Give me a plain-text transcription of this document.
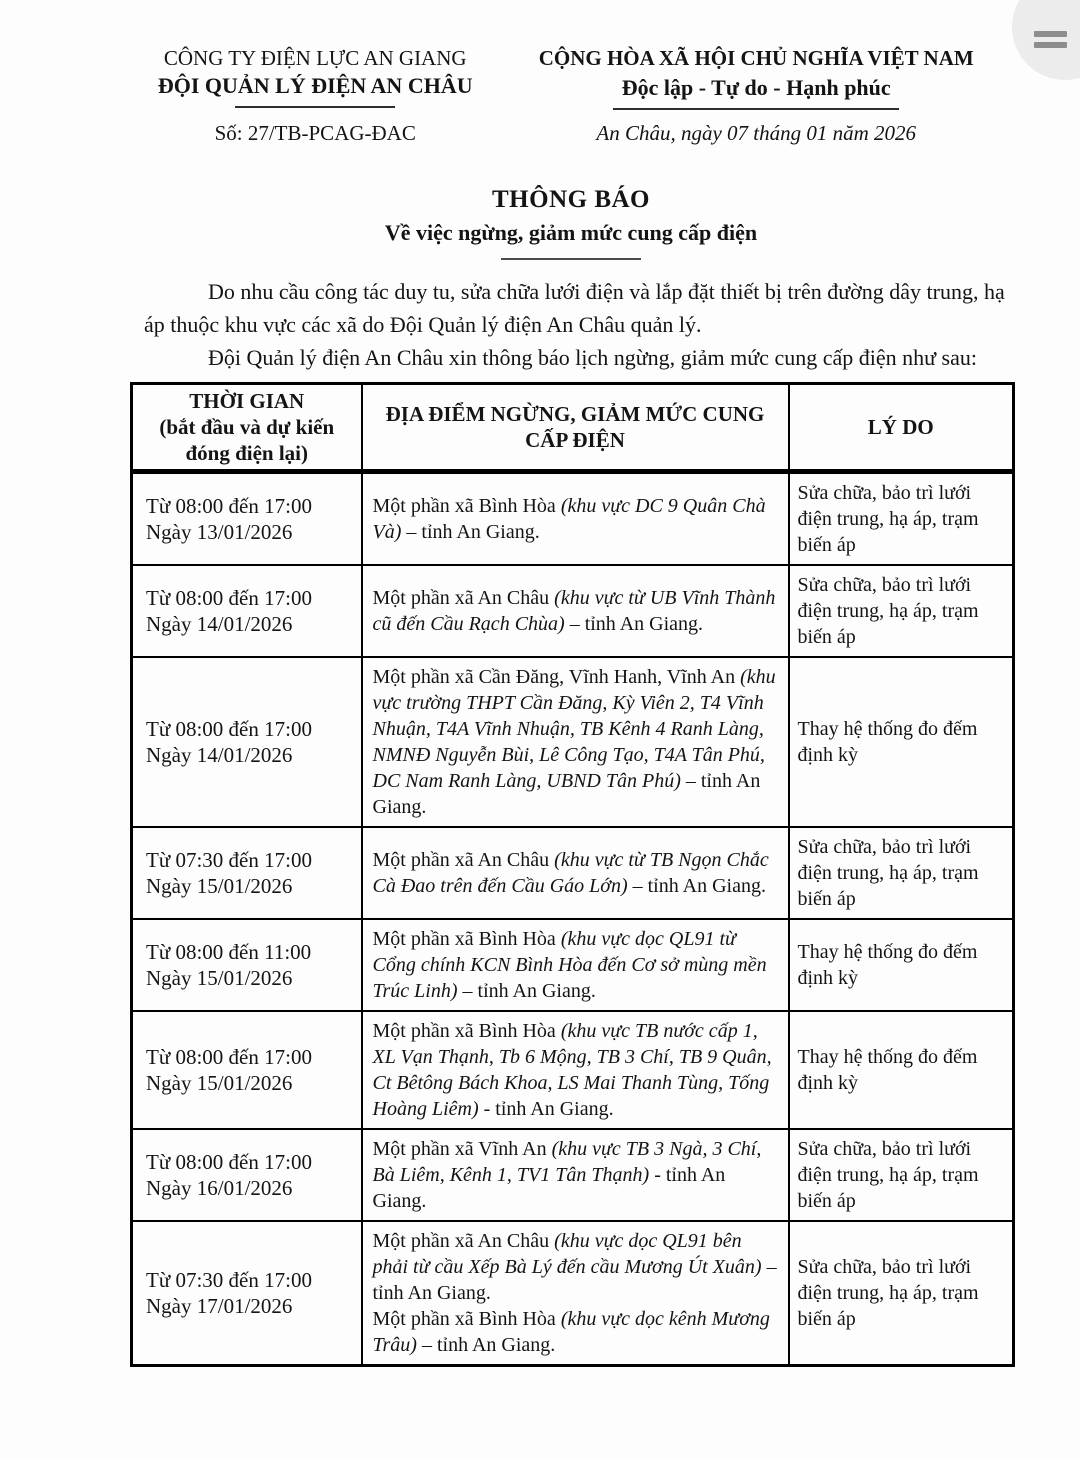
CÔNG TY ĐIỆN LỰC AN GIANG
ĐỘI QUẢN LÝ ĐIỆN AN CHÂU
Số: 27/TB-PCAG-ĐAC
CỘNG HÒA XÃ HỘI CHỦ NGHĨA VIỆT NAM
Độc lập - Tự do - Hạnh phúc
An Châu, ngày 07 tháng 01 năm 2026
THÔNG BÁO
Về việc ngừng, giảm mức cung cấp điện

Do nhu cầu công tác duy tu, sửa chữa lưới điện và lắp đặt thiết bị trên đường dây trung, hạ áp thuộc khu vực các xã do Đội Quản lý điện An Châu quản lý.

Đội Quản lý điện An Châu xin thông báo lịch ngừng, giảm mức cung cấp điện như sau:

THỜI GIAN
(bắt đầu và dự kiến đóng điện lại)	ĐỊA ĐIỂM NGỪNG, GIẢM MỨC CUNG CẤP ĐIỆN	LÝ DO
Từ 08:00 đến 17:00
Ngày 13/01/2026	Một phần xã Bình Hòa (khu vực DC 9 Quân Chà Và) – tỉnh An Giang.	Sửa chữa, bảo trì lưới điện trung, hạ áp, trạm biến áp
Từ 08:00 đến 17:00
Ngày 14/01/2026	Một phần xã An Châu (khu vực từ UB Vĩnh Thành cũ đến Cầu Rạch Chùa) – tỉnh An Giang.	Sửa chữa, bảo trì lưới điện trung, hạ áp, trạm biến áp
Từ 08:00 đến 17:00
Ngày 14/01/2026	Một phần xã Cần Đăng, Vĩnh Hanh, Vĩnh An (khu vực trường THPT Cần Đăng, Kỳ Viên 2, T4 Vĩnh Nhuận, T4A Vĩnh Nhuận, TB Kênh 4 Ranh Làng, NMNĐ Nguyễn Bùi, Lê Công Tạo, T4A Tân Phú, DC Nam Ranh Làng, UBND Tân Phú) – tỉnh An Giang.	Thay hệ thống đo đếm định kỳ
Từ 07:30 đến 17:00
Ngày 15/01/2026	Một phần xã An Châu (khu vực từ TB Ngọn Chắc Cà Đao trên đến Cầu Gáo Lớn) – tỉnh An Giang.	Sửa chữa, bảo trì lưới điện trung, hạ áp, trạm biến áp
Từ 08:00 đến 11:00
Ngày 15/01/2026	Một phần xã Bình Hòa (khu vực dọc QL91 từ Cổng chính KCN Bình Hòa đến Cơ sở mùng mền Trúc Linh) – tỉnh An Giang.	Thay hệ thống đo đếm định kỳ
Từ 08:00 đến 17:00
Ngày 15/01/2026	Một phần xã Bình Hòa (khu vực TB nước cấp 1, XL Vạn Thạnh, Tb 6 Mộng, TB 3 Chí, TB 9 Quân, Ct Bêtông Bách Khoa, LS Mai Thanh Tùng, Tống Hoàng Liêm) - tỉnh An Giang.	Thay hệ thống đo đếm định kỳ
Từ 08:00 đến 17:00
Ngày 16/01/2026	Một phần xã Vĩnh An (khu vực TB 3 Ngà, 3 Chí, Bà Liêm, Kênh 1, TV1 Tân Thạnh) - tỉnh An Giang.	Sửa chữa, bảo trì lưới điện trung, hạ áp, trạm biến áp
Từ 07:30 đến 17:00
Ngày 17/01/2026	Một phần xã An Châu (khu vực dọc QL91 bên phải từ cầu Xếp Bà Lý đến cầu Mương Út Xuân) – tỉnh An Giang.
Một phần xã Bình Hòa (khu vực dọc kênh Mương Trâu) – tỉnh An Giang.	Sửa chữa, bảo trì lưới điện trung, hạ áp, trạm biến áp
